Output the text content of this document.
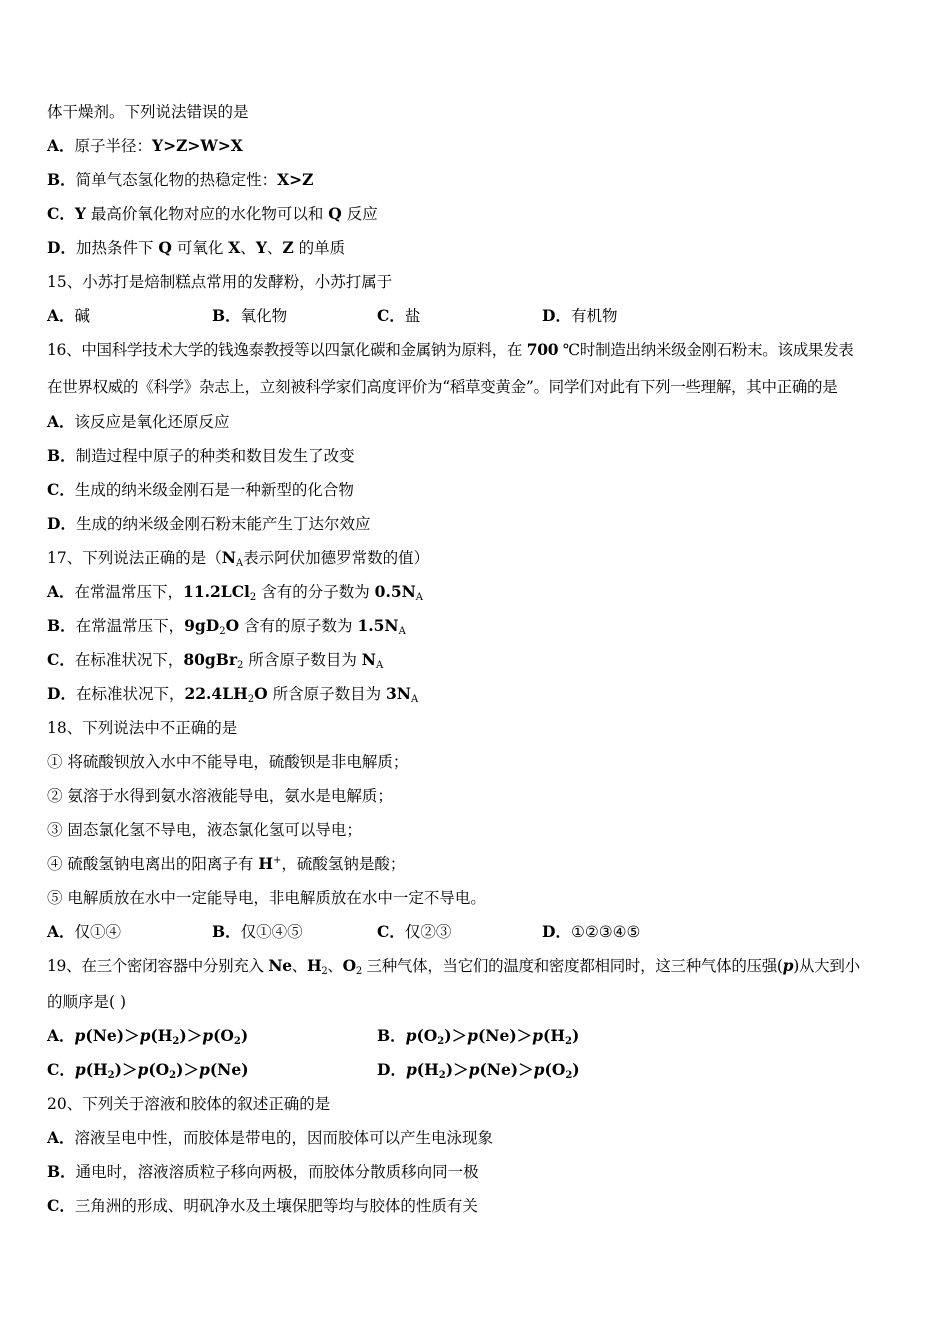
体干燥剂。下列说法错误的是

A．原子半径：Y>Z>W>X

B．简单气态氢化物的热稳定性：X>Z

C．Y 最高价氧化物对应的水化物可以和 Q 反应

D．加热条件下 Q 可氧化 X、Y、Z 的单质

15、小苏打是焙制糕点常用的发酵粉，小苏打属于

A．碱	B．氧化物	C．盐	D．有机物

16、中国科学技术大学的钱逸泰教授等以四氯化碳和金属钠为原料，在 700 ℃时制造出纳米级金刚石粉末。该成果发表

在世界权威的《科学》杂志上，立刻被科学家们高度评价为“稻草变黄金”。同学们对此有下列一些理解，其中正确的是

A．该反应是氧化还原反应

B．制造过程中原子的种类和数目发生了改变

C．生成的纳米级金刚石是一种新型的化合物

D．生成的纳米级金刚石粉末能产生丁达尔效应

17、下列说法正确的是（$N_A$表示阿伏加德罗常数的值）

A．在常温常压下，11.2LCl$_2$ 含有的分子数为 $0.5N_A$

B．在常温常压下，$9gD_2O$ 含有的原子数为 $1.5N_A$

C．在标准状况下，80gBr$_2$ 所含原子数目为 $N_A$

D．在标准状况下，$22.4LH_2O$ 所含原子数目为 $3N_A$

18、下列说法中不正确的是

① 将硫酸钡放入水中不能导电，硫酸钡是非电解质；

② 氨溶于水得到氨水溶液能导电，氨水是电解质；

③ 固态氯化氢不导电，液态氯化氢可以导电；

④ 硫酸氢钠电离出的阳离子有 H+，硫酸氢钠是酸；

⑤ 电解质放在水中一定能导电，非电解质放在水中一定不导电。

A．仅①④	B．仅①④⑤	C．仅②③	D．①②③④⑤

19、在三个密闭容器中分别充入 Ne、$H_2$、$O_2$ 三种气体，当它们的温度和密度都相同时，这三种气体的压强(p)从大到小

的顺序是( )

A．$p(Ne)>p(H_2)>p(O_2)$	B．$p(O_2)>p(Ne)>p(H_2)$
C．$p(H_2)>p(O_2)>p(Ne)$	D．$p(H_2)>p(Ne)>p(O_2)$

20、下列关于溶液和胶体的叙述正确的是

A．溶液呈电中性，而胶体是带电的，因而胶体可以产生电泳现象

B．通电时，溶液溶质粒子移向两极，而胶体分散质移向同一极

C．三角洲的形成、明矾净水及土壤保肥等均与胶体的性质有关
